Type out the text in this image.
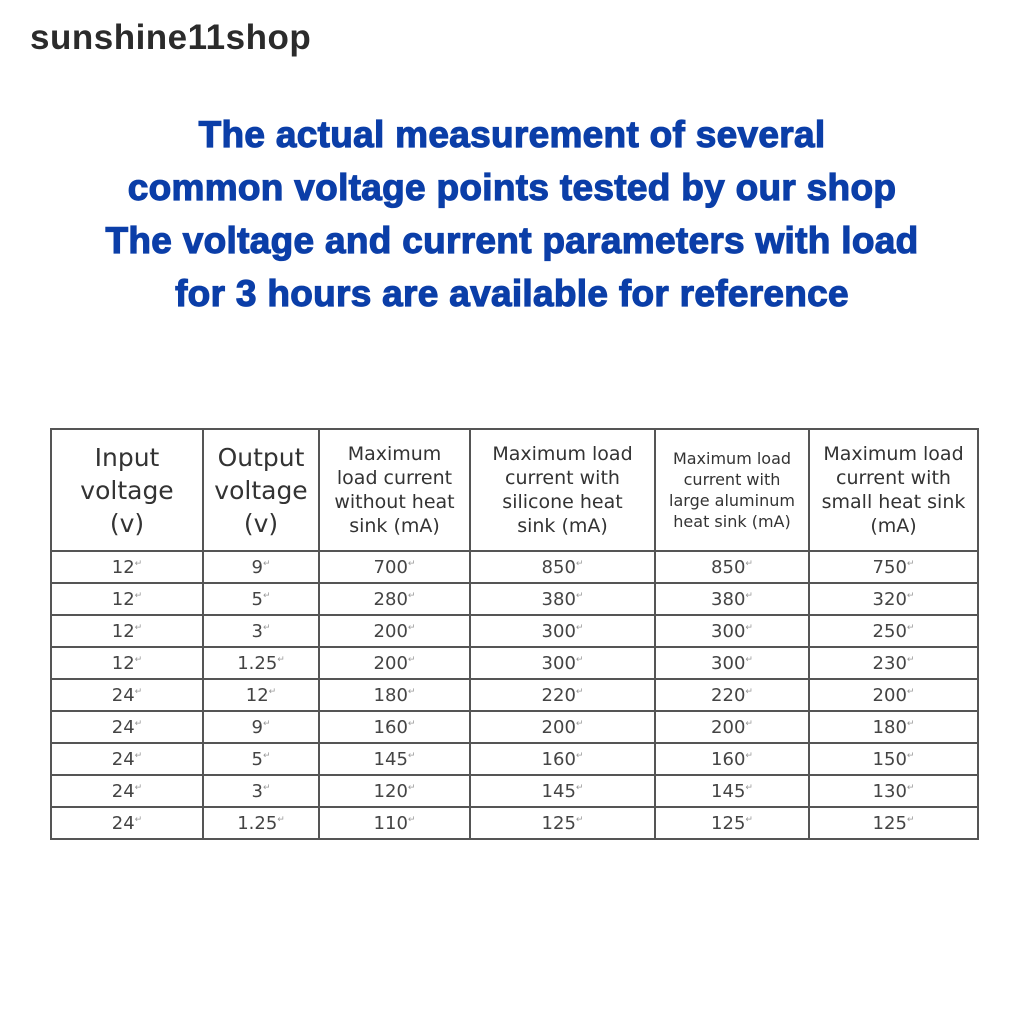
sunshine11shop
The actual measurement of several
common voltage points tested by our shop
The voltage and current parameters with load
for 3 hours are available for reference
Input voltage (v)	Output voltage (v)	Maximum load current without heat sink (mA)	Maximum load current with silicone heat sink (mA)	Maximum load current with large aluminum heat sink (mA)	Maximum load current with small heat sink (mA)
12 ↵	9 ↵	700 ↵	850 ↵	850 ↵	750 ↵
12 ↵	5 ↵	280 ↵	380 ↵	380 ↵	320 ↵
12 ↵	3 ↵	200 ↵	300 ↵	300 ↵	250 ↵
12 ↵	1.25 ↵	200 ↵	300 ↵	300 ↵	230 ↵
24 ↵	12 ↵	180 ↵	220 ↵	220 ↵	200 ↵
24 ↵	9 ↵	160 ↵	200 ↵	200 ↵	180 ↵
24 ↵	5 ↵	145 ↵	160 ↵	160 ↵	150 ↵
24 ↵	3 ↵	120 ↵	145 ↵	145 ↵	130 ↵
24 ↵	1.25 ↵	110 ↵	125 ↵	125 ↵	125 ↵
